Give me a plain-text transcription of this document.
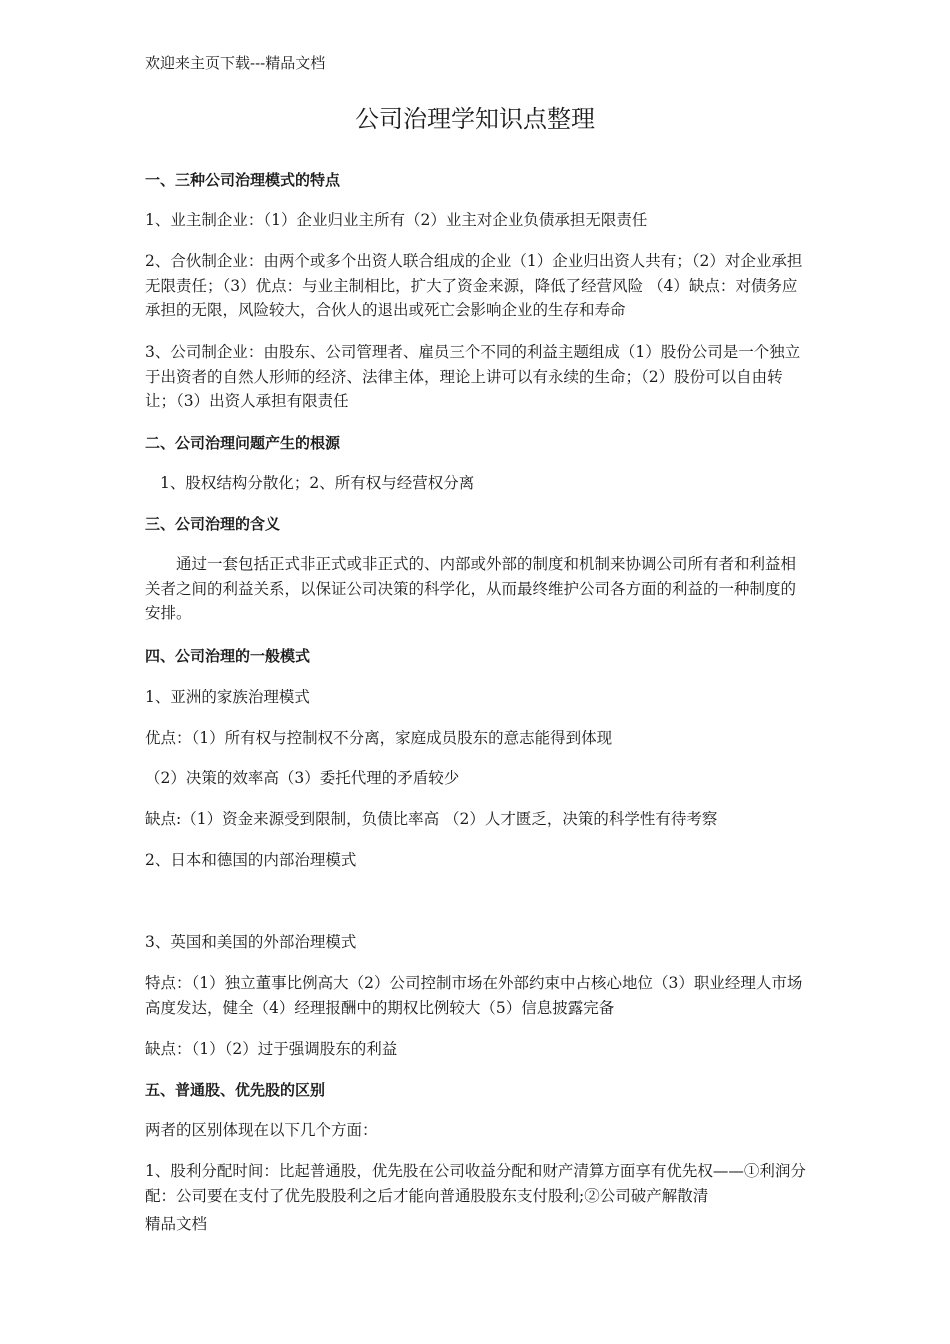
欢迎来主页下载---精品文档
公司治理学知识点整理
一、三种公司治理模式的特点
1、业主制企业：（1）企业归业主所有（2）业主对企业负债承担无限责任
2、合伙制企业：由两个或多个出资人联合组成的企业（1）企业归出资人共有；（2）对企业承担无限责任；（3）优点：与业主制相比，扩大了资金来源，降低了经营风险 （4）缺点：对债务应承担的无限，风险较大，合伙人的退出或死亡会影响企业的生存和寿命
3、公司制企业：由股东、公司管理者、雇员三个不同的利益主题组成（1）股份公司是一个独立于出资者的自然人形师的经济、法律主体，理论上讲可以有永续的生命；（2）股份可以自由转让；（3）出资人承担有限责任
二、公司治理问题产生的根源
1、股权结构分散化；2、所有权与经营权分离
三、公司治理的含义
通过一套包括正式非正式或非正式的、内部或外部的制度和机制来协调公司所有者和利益相关者之间的利益关系，以保证公司决策的科学化，从而最终维护公司各方面的利益的一种制度的安排。
四、公司治理的一般模式
1、亚洲的家族治理模式
优点：（1）所有权与控制权不分离，家庭成员股东的意志能得到体现
（2）决策的效率高（3）委托代理的矛盾较少
缺点:（1）资金来源受到限制，负债比率高 （2）人才匮乏，决策的科学性有待考察
2、日本和德国的内部治理模式
3、英国和美国的外部治理模式
特点：（1）独立董事比例高大（2）公司控制市场在外部约束中占核心地位（3）职业经理人市场高度发达，健全（4）经理报酬中的期权比例较大（5）信息披露完备
缺点：（1）（2）过于强调股东的利益
五、普通股、优先股的区别
两者的区别体现在以下几个方面：
1、股利分配时间：比起普通股，优先股在公司收益分配和财产清算方面享有优先权——①利润分配：公司要在支付了优先股股利之后才能向普通股股东支付股利;②公司破产解散清
精品文档
